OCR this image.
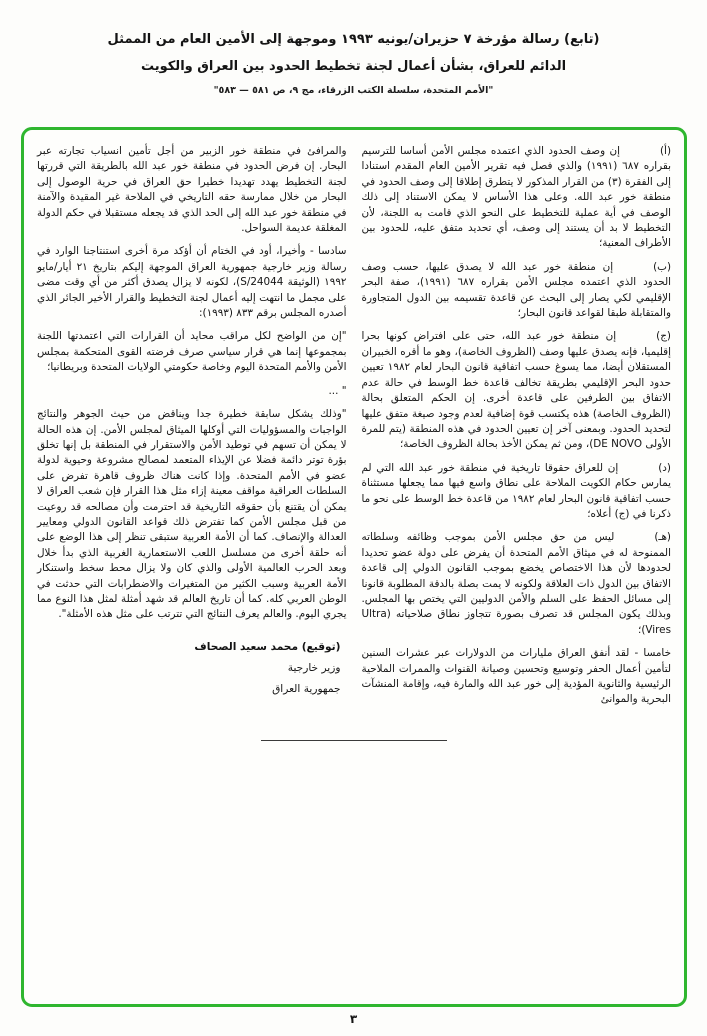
(تابع) رسالة مؤرخة ٧ حزيران/يونيه ١٩٩٣ وموجهة إلى الأمين العام من الممثل
الدائم للعراق، بشأن أعمال لجنة تخطيط الحدود بين العراق والكويت
"الأمم المتحدة، سلسلة الكتب الزرقاء، مج ٩، ص ٥٨١ — ٥٨٣"

(أ)إن وصف الحدود الذي اعتمده مجلس الأمن أساسا للترسيم بقراره ٦٨٧ (١٩٩١) والذي فصل فيه تقرير الأمين العام المقدم استنادا إلى الفقرة (٣) من القرار المذكور لا يتطرق إطلاقا إلى وصف الحدود في منطقة خور عبد الله. وعلى هذا الأساس لا يمكن الاستناد إلى ذلك الوصف في أية عملية للتخطيط على النحو الذي قامت به اللجنة، لأن التخطيط لا بد أن يستند إلى وصف، أي تحديد متفق عليه، للحدود بين الأطراف المعنية؛

(ب)إن منطقة خور عبد الله لا يصدق عليها، حسب وصف الحدود الذي اعتمده مجلس الأمن بقراره ٦٨٧ (١٩٩١)، صفة البحر الإقليمي لكي يصار إلى البحث عن قاعدة تقسيمه بين الدول المتجاورة والمتقابلة طبقا لقواعد قانون البحار؛

(ج)إن منطقة خور عبد الله، حتى على افتراض كونها بحرا إقليميا، فإنه يصدق عليها وصف (الظروف الخاصة)، وهو ما أقره الخبيران المستقلان أيضا، مما يسوغ حسب اتفاقية قانون البحار لعام ١٩٨٢ تعيين حدود البحر الإقليمي بطريقة تخالف قاعدة خط الوسط في حالة عدم الاتفاق بين الطرفين على قاعدة أخرى. إن الحكم المتعلق بحالة (الظروف الخاصة) هذه يكتسب قوة إضافية لعدم وجود صيغة متفق عليها لتحديد الحدود. وبمعنى آخر إن تعيين الحدود في هذه المنطقة (يتم للمرة الأولى DE NOVO)، ومن ثم يمكن الأخذ بحالة الظروف الخاصة؛

(د)إن للعراق حقوقا تاريخية في منطقة خور عبد الله التي لم يمارس حكام الكويت الملاحة على نطاق واسع فيها مما يجعلها مستثناة حسب اتفاقية قانون البحار لعام ١٩٨٢ من قاعدة خط الوسط على نحو ما ذكرنا في (ج) أعلاه؛

(هـ)ليس من حق مجلس الأمن بموجب وظائفه وسلطاته الممنوحة له في ميثاق الأمم المتحدة أن يفرض على دولة عضو تحديدا لحدودها لأن هذا الاختصاص يخضع بموجب القانون الدولي إلى قاعدة الاتفاق بين الدول ذات العلاقة ولكونه لا يمت بصلة بالدقة المطلوبة قانونا إلى مسائل الحفظ على السلم والأمن الدوليين التي يختص بها المجلس. وبذلك يكون المجلس قد تصرف بصورة تتجاوز نطاق صلاحياته (Ultra Vires)؛

خامسا - لقد أنفق العراق مليارات من الدولارات عبر عشرات السنين لتأمين أعمال الحفر وتوسيع وتحسين وصيانة القنوات والممرات الملاحية الرئيسية والثانوية المؤدية إلى خور عبد الله والمارة فيه، وإقامة المنشآت البحرية والموانئ

والمرافئ في منطقة خور الزبير من أجل تأمين انسياب تجارته عبر البحار. إن فرض الحدود في منطقة خور عبد الله بالطريقة التي قررتها لجنة التخطيط يهدد تهديدا خطيرا حق العراق في حرية الوصول إلى البحار من خلال ممارسة حقه التاريخي في الملاحة غير المقيدة والآمنة في منطقة خور عبد الله إلى الحد الذي قد يجعله مستقبلا في حكم الدولة المغلقة عديمة السواحل.

سادسا - وأخيرا، أود في الختام أن أؤكد مرة أخرى استنتاجنا الوارد في رسالة وزير خارجية جمهورية العراق الموجهة إليكم بتاريخ ٢١ أيار/مايو ١٩٩٢ (الوثيقة S/24044)، لكونه لا يزال يصدق أكثر من أي وقت مضى على مجمل ما انتهت إليه أعمال لجنة التخطيط والقرار الأخير الجائر الذي أصدره المجلس برقم ٨٣٣ (١٩٩٣):

"إن من الواضح لكل مراقب محايد أن القرارات التي اعتمدتها اللجنة بمجموعها إنما هي قرار سياسي صرف فرضته القوى المتحكمة بمجلس الأمن والأمم المتحدة اليوم وخاصة حكومتي الولايات المتحدة وبريطانيا؛

" ...

"وذلك يشكل سابقة خطيرة جدا ويناقض من حيث الجوهر والنتائج الواجبات والمسؤوليات التي أوكلها الميثاق لمجلس الأمن. إن هذه الحالة لا يمكن أن تسهم في توطيد الأمن والاستقرار في المنطقة بل إنها تخلق بؤرة توتر دائمة فضلا عن الإيذاء المتعمد لمصالح مشروعة وحيوية لدولة عضو في الأمم المتحدة. وإذا كانت هناك ظروف قاهرة تفرض على السلطات العراقية مواقف معينة إزاء مثل هذا القرار فإن شعب العراق لا يمكن أن يقتنع بأن حقوقه التاريخية قد احترمت وأن مصالحه قد روعيت من قبل مجلس الأمن كما تفترض ذلك قواعد القانون الدولي ومعايير العدالة والإنصاف. كما أن الأمة العربية ستبقى تنظر إلى هذا الوضع على أنه حلقة أخرى من مسلسل اللعب الاستعمارية الغربية الذي بدأ خلال وبعد الحرب العالمية الأولى والذي كان ولا يزال محط سخط واستنكار الأمة العربية وسبب الكثير من المتغيرات والاضطرابات التي حدثت في الوطن العربي كله. كما أن تاريخ العالم قد شهد أمثلة لمثل هذا النوع مما يجري اليوم. والعالم يعرف النتائج التي تترتب على مثل هذه الأمثلة".

(توقيع) محمد سعيد الصحاف
وزير خارجية
جمهورية العراق
٣
